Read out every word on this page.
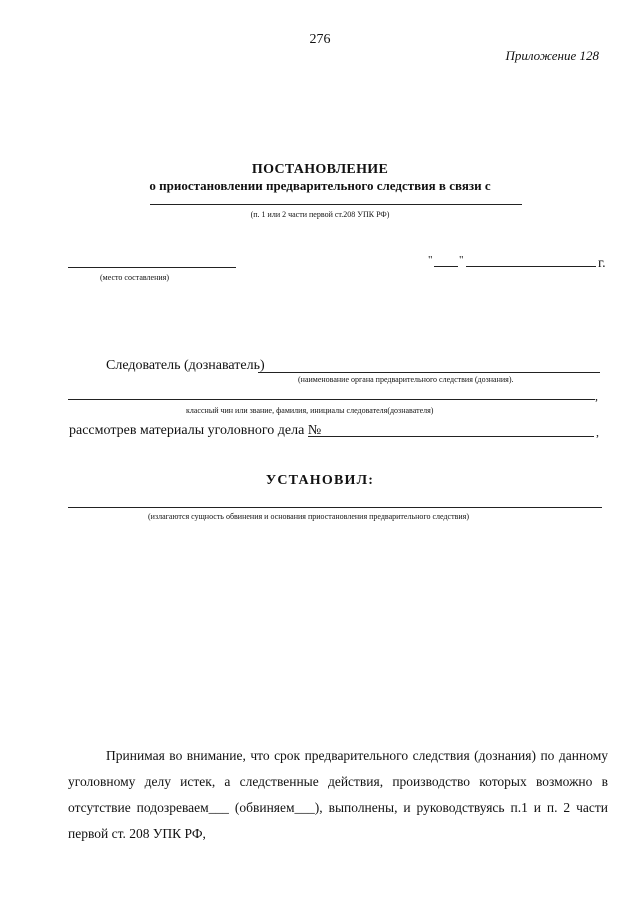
276
Приложение 128
ПОСТАНОВЛЕНИЕ
о приостановлении предварительного следствия в связи с
(п. 1 или 2 части первой ст.208 УПК РФ)
(место составления)
" "	г.
Следователь (дознаватель)
(наименование органа предварительного следствия (дознания).
,
классный чин или звание, фамилия, инициалы следователя(дознавателя)
рассмотрев материалы уголовного дела №	,
УСТАНОВИЛ:
(излагаются сущность обвинения и основания приостановления предварительного следствия)
Принимая во внимание, что срок предварительного следствия (дознания) по данному уголовному делу истек, а следственные действия, производство которых возможно в отсутствие подозреваем___ (обвиняем___), выполнены, и руководствуясь п.1 и п. 2 части первой ст. 208 УПК РФ,
